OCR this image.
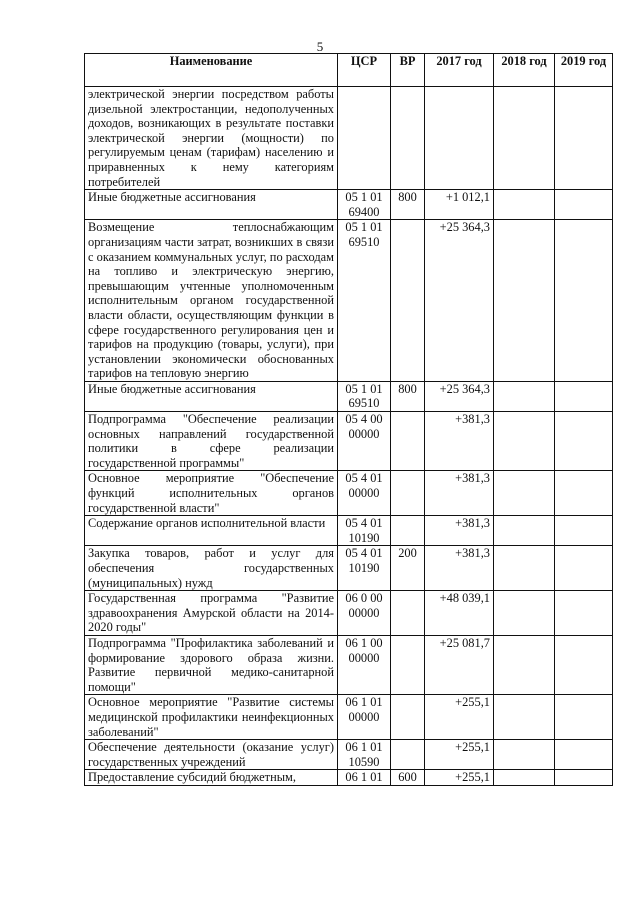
5
Наименование	ЦСР	ВР	2017 год	2018 год	2019 год
электрической энергии посредством работы дизельной электростанции, недополученных доходов, возникающих в результате поставки электрической энергии (мощности) по регулируемым ценам (тарифам) населению и приравненных к нему категориям потребителей					
Иные бюджетные ассигнования	05 1 01 69400	800	+1 012,1		
Возмещение теплоснабжающим организациям части затрат, возникших в связи с оказанием коммунальных услуг, по расходам на топливо и электрическую энергию, превышающим учтенные уполномоченным исполнительным органом государственной власти области, осуществляющим функции в сфере государственного регулирования цен и тарифов на продукцию (товары, услуги), при установлении экономически обоснованных тарифов на тепловую энергию	05 1 01 69510		+25 364,3		
Иные бюджетные ассигнования	05 1 01 69510	800	+25 364,3		
Подпрограмма "Обеспечение реализации основных направлений государственной политики в сфере реализации государственной программы"	05 4 00 00000		+381,3		
Основное мероприятие "Обеспечение функций исполнительных органов государственной власти"	05 4 01 00000		+381,3		
Содержание органов исполнительной власти	05 4 01 10190		+381,3		
Закупка товаров, работ и услуг для обеспечения государственных (муниципальных) нужд	05 4 01 10190	200	+381,3		
Государственная программа "Развитие здравоохранения Амурской области на 2014-2020 годы"	06 0 00 00000		+48 039,1		
Подпрограмма "Профилактика заболеваний и формирование здорового образа жизни. Развитие первичной медико-санитарной помощи"	06 1 00 00000		+25 081,7		
Основное мероприятие "Развитие системы медицинской профилактики неинфекционных заболеваний"	06 1 01 00000		+255,1		
Обеспечение деятельности (оказание услуг) государственных учреждений	06 1 01 10590		+255,1		
Предоставление субсидий бюджетным,	06 1 01	600	+255,1		
